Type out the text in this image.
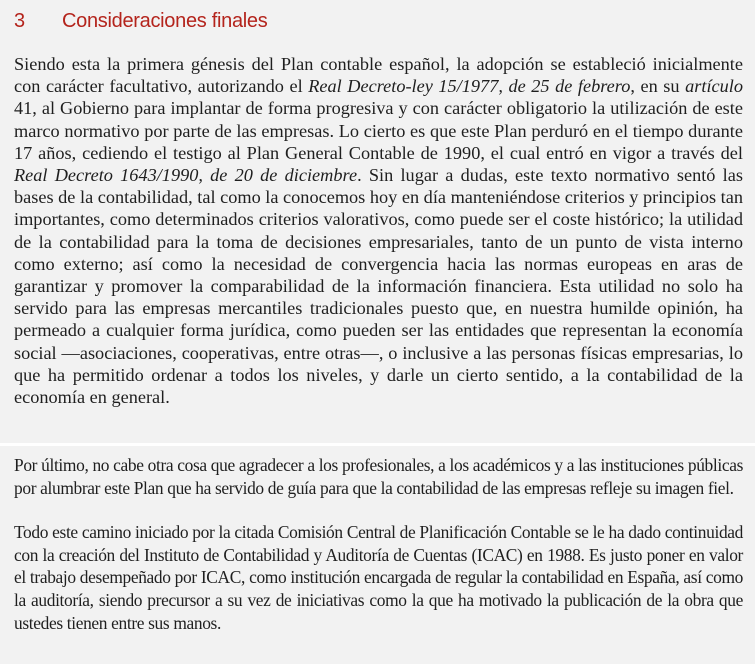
3	Consideraciones finales

Siendo esta la primera génesis del Plan contable español, la adopción se estableció inicialmente con carácter facultativo, autorizando el Real Decreto-ley 15/1977, de 25 de febrero, en su artículo 41, al Gobierno para implantar de forma progresiva y con carácter obligatorio la utilización de este marco normativo por parte de las empresas. Lo cierto es que este Plan perduró en el tiempo durante 17 años, cediendo el testigo al Plan General Contable de 1990, el cual entró en vigor a través del Real Decreto 1643/1990, de 20 de diciembre. Sin lugar a dudas, este texto normativo sentó las bases de la contabilidad, tal como la conocemos hoy en día manteniéndose criterios y principios tan importantes, como determinados criterios valorativos, como puede ser el coste histórico; la utilidad de la contabilidad para la toma de decisiones empresariales, tanto de un punto de vista interno como externo; así como la necesidad de convergencia hacia las normas europeas en aras de garantizar y promover la comparabilidad de la información financiera. Esta utilidad no solo ha servido para las empresas mercantiles tradicionales puesto que, en nuestra humilde opinión, ha permeado a cualquier forma jurídica, como pueden ser las entidades que representan la economía social —asociaciones, cooperativas, entre otras—, o inclusive a las personas físicas empresarias, lo que ha permitido ordenar a todos los niveles, y darle un cierto sentido, a la contabilidad de la economía en general.

Por último, no cabe otra cosa que agradecer a los profesionales, a los académicos y a las instituciones públicas por alumbrar este Plan que ha servido de guía para que la contabilidad de las empresas refleje su imagen fiel.

Todo este camino iniciado por la citada Comisión Central de Planificación Contable se le ha dado continuidad con la creación del Instituto de Contabilidad y Auditoría de Cuentas (ICAC) en 1988. Es justo poner en valor el trabajo desempeñado por ICAC, como institución encargada de regular la contabilidad en España, así como la auditoría, siendo precursor a su vez de iniciativas como la que ha motivado la publicación de la obra que ustedes tienen entre sus manos.
